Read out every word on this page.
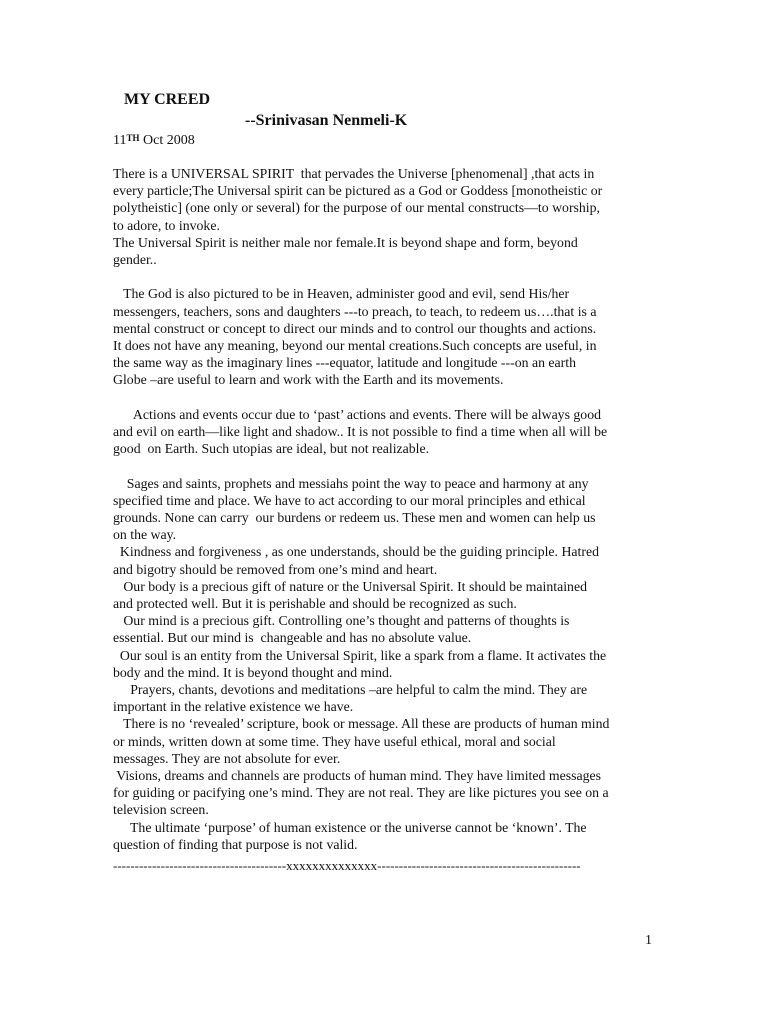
MY CREED
--Srinivasan Nenmeli-K
11TH Oct 2008
There is a UNIVERSAL SPIRIT  that pervades the Universe [phenomenal] ,that acts in
every particle;The Universal spirit can be pictured as a God or Goddess [monotheistic or
polytheistic] (one only or several) for the purpose of our mental constructs—to worship,
to adore, to invoke.
The Universal Spirit is neither male nor female.It is beyond shape and form, beyond
gender..
The God is also pictured to be in Heaven, administer good and evil, send His/her
messengers, teachers, sons and daughters ---to preach, to teach, to redeem us….that is a
mental construct or concept to direct our minds and to control our thoughts and actions.
It does not have any meaning, beyond our mental creations.Such concepts are useful, in
the same way as the imaginary lines ---equator, latitude and longitude ---on an earth
Globe –are useful to learn and work with the Earth and its movements.
Actions and events occur due to ‘past’ actions and events. There will be always good
and evil on earth—like light and shadow.. It is not possible to find a time when all will be
good  on Earth. Such utopias are ideal, but not realizable.
Sages and saints, prophets and messiahs point the way to peace and harmony at any
specified time and place. We have to act according to our moral principles and ethical
grounds. None can carry  our burdens or redeem us. These men and women can help us
on the way.
Kindness and forgiveness , as one understands, should be the guiding principle. Hatred
and bigotry should be removed from one’s mind and heart.
Our body is a precious gift of nature or the Universal Spirit. It should be maintained
and protected well. But it is perishable and should be recognized as such.
Our mind is a precious gift. Controlling one’s thought and patterns of thoughts is
essential. But our mind is  changeable and has no absolute value.
Our soul is an entity from the Universal Spirit, like a spark from a flame. It activates the
body and the mind. It is beyond thought and mind.
Prayers, chants, devotions and meditations –are helpful to calm the mind. They are
important in the relative existence we have.
There is no ‘revealed’ scripture, book or message. All these are products of human mind
or minds, written down at some time. They have useful ethical, moral and social
messages. They are not absolute for ever.
Visions, dreams and channels are products of human mind. They have limited messages
for guiding or pacifying one’s mind. They are not real. They are like pictures you see on a
television screen.
The ultimate ‘purpose’ of human existence or the universe cannot be ‘known’. The
question of finding that purpose is not valid.
----------------------------------------xxxxxxxxxxxxxx-----------------------------------------------
1
